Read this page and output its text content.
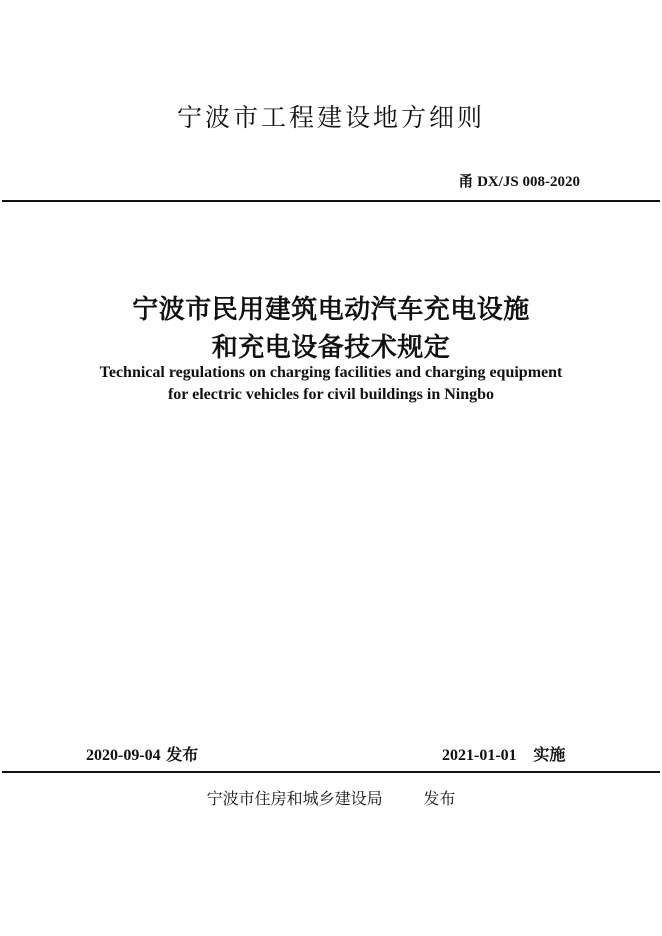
宁波市工程建设地方细则
甬 DX/JS 008-2020
宁波市民用建筑电动汽车充电设施
和充电设备技术规定
Technical regulations on charging facilities and charging equipment
for electric vehicles for civil buildings in Ningbo
2020-09-04 发布	2021-01-01 实施
宁波市住房和城乡建设局	发布
